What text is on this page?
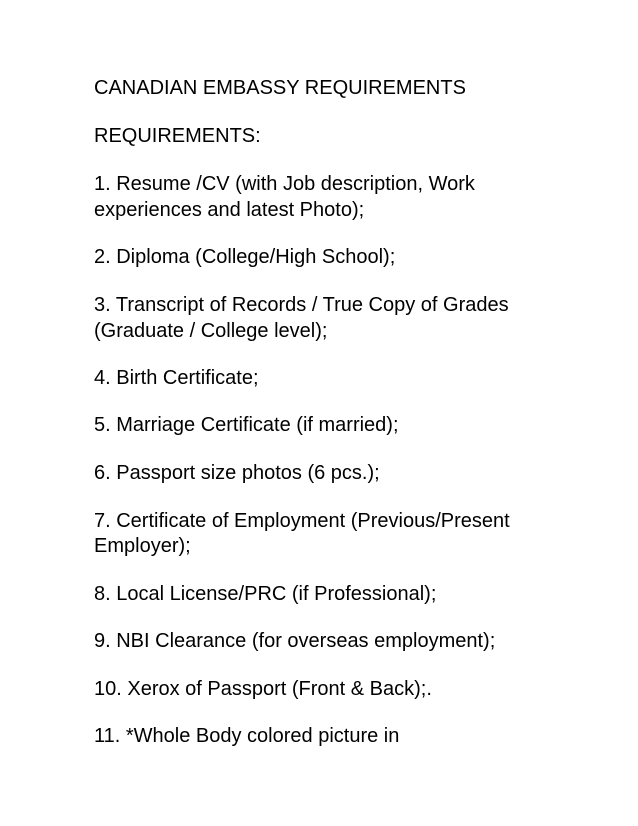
CANADIAN EMBASSY REQUIREMENTS

REQUIREMENTS:

1. Resume /CV (with Job description, Work

experiences and latest Photo);

2. Diploma (College/High School);

3. Transcript of Records / True Copy of Grades

(Graduate / College level);

4. Birth Certificate;

5. Marriage Certificate (if married);

6. Passport size photos (6 pcs.);

7. Certificate of Employment (Previous/Present

Employer);

8. Local License/PRC (if Professional);

9. NBI Clearance (for overseas employment);

10. Xerox of Passport (Front & Back);.

11. *Whole Body colored picture in
